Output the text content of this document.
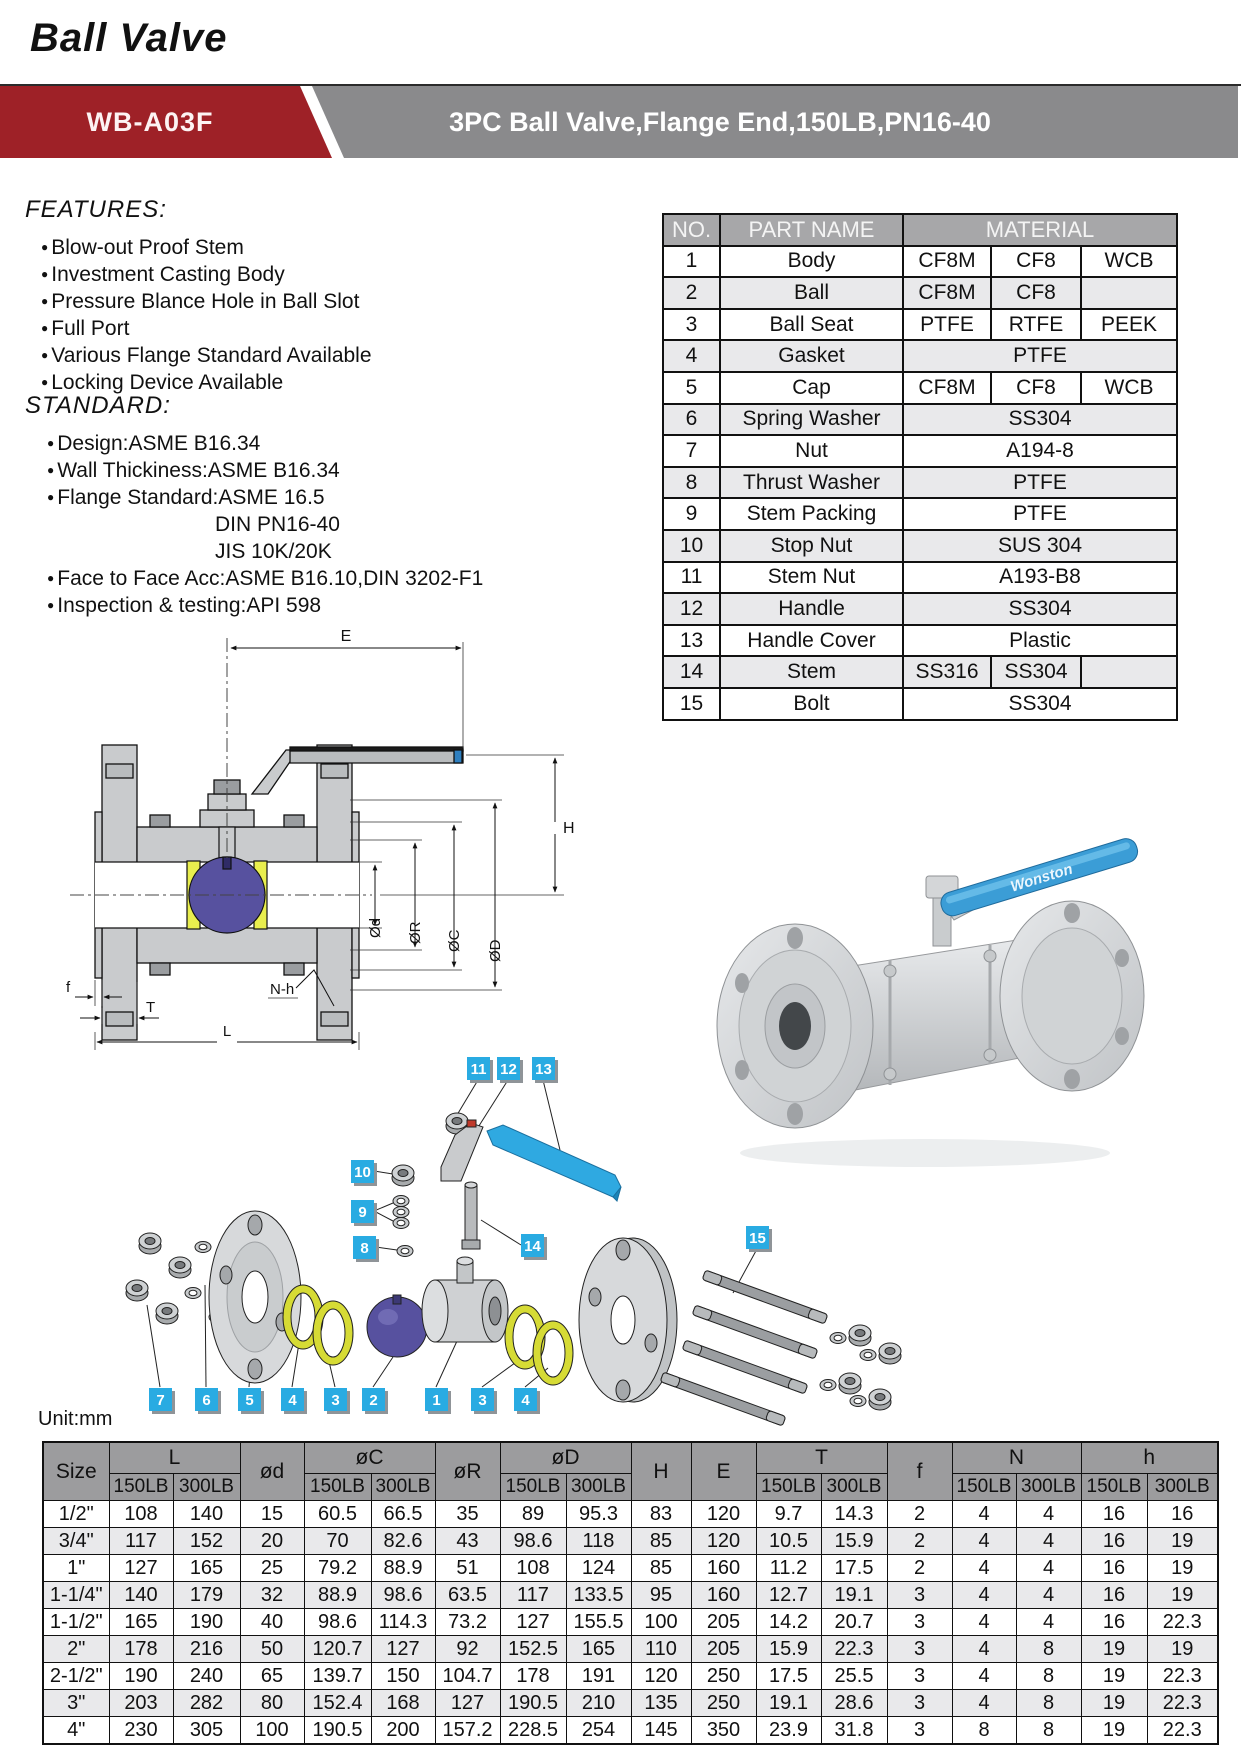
Ball Valve
WB-A03F	3PC Ball Valve,Flange End,150LB,PN16-40
FEATURES:
● Blow-out Proof Stem
● Investment Casting Body
● Pressure Blance Hole in Ball Slot
● Full Port
● Various Flange Standard Available
● Locking Device Available
STANDARD:
● Design:ASME B16.34
● Wall Thickiness:ASME B16.34
● Flange Standard:ASME 16.5
DIN PN16-40
JIS 10K/20K
● Face to Face Acc:ASME B16.10,DIN 3202-F1
● Inspection & testing:API 598
NO.	PART NAME	MATERIAL		
1	Body	CF8M	CF8	WCB
2	Ball	CF8M	CF8	
3	Ball Seat	PTFE	RTFE	PEEK
4	Gasket	PTFE		
5	Cap	CF8M	CF8	WCB
6	Spring Washer	SS304		
7	Nut	A194-8		
8	Thrust Washer	PTFE		
9	Stem Packing	PTFE		
10	Stop Nut	SUS 304		
11	Stem Nut	A193-B8		
12	Handle	SS304		
13	Handle Cover	Plastic		
14	Stem	SS316	SS304	
15	Bolt	SS304		
E
H
Ød ØR ØC ØD
f
T
L
N-h
Wonston
11 12 13
10
9
8	14	15
7	6 5 4 3 2	1	3 4
Unit:mm
Size	L		ød	øC		øR	øD		H	E	T		f	N		h	
	150LB	300LB		150LB	300LB		150LB	300LB			150LB	300LB		150LB	300LB	150LB	300LB
1/2"	108	140	15	60.5	66.5	35	89	95.3	83	120	9.7	14.3	2	4	4	16	16
3/4"	117	152	20	70	82.6	43	98.6	118	85	120	10.5	15.9	2	4	4	16	19
1"	127	165	25	79.2	88.9	51	108	124	85	160	11.2	17.5	2	4	4	16	19
1-1/4"	140	179	32	88.9	98.6	63.5	117	133.5	95	160	12.7	19.1	3	4	4	16	19
1-1/2"	165	190	40	98.6	114.3	73.2	127	155.5	100	205	14.2	20.7	3	4	4	16	22.3
2"	178	216	50	120.7	127	92	152.5	165	110	205	15.9	22.3	3	4	8	19	19
2-1/2"	190	240	65	139.7	150	104.7	178	191	120	250	17.5	25.5	3	4	8	19	22.3
3"	203	282	80	152.4	168	127	190.5	210	135	250	19.1	28.6	3	4	8	19	22.3
4"	230	305	100	190.5	200	157.2	228.5	254	145	350	23.9	31.8	3	8	8	19	22.3
